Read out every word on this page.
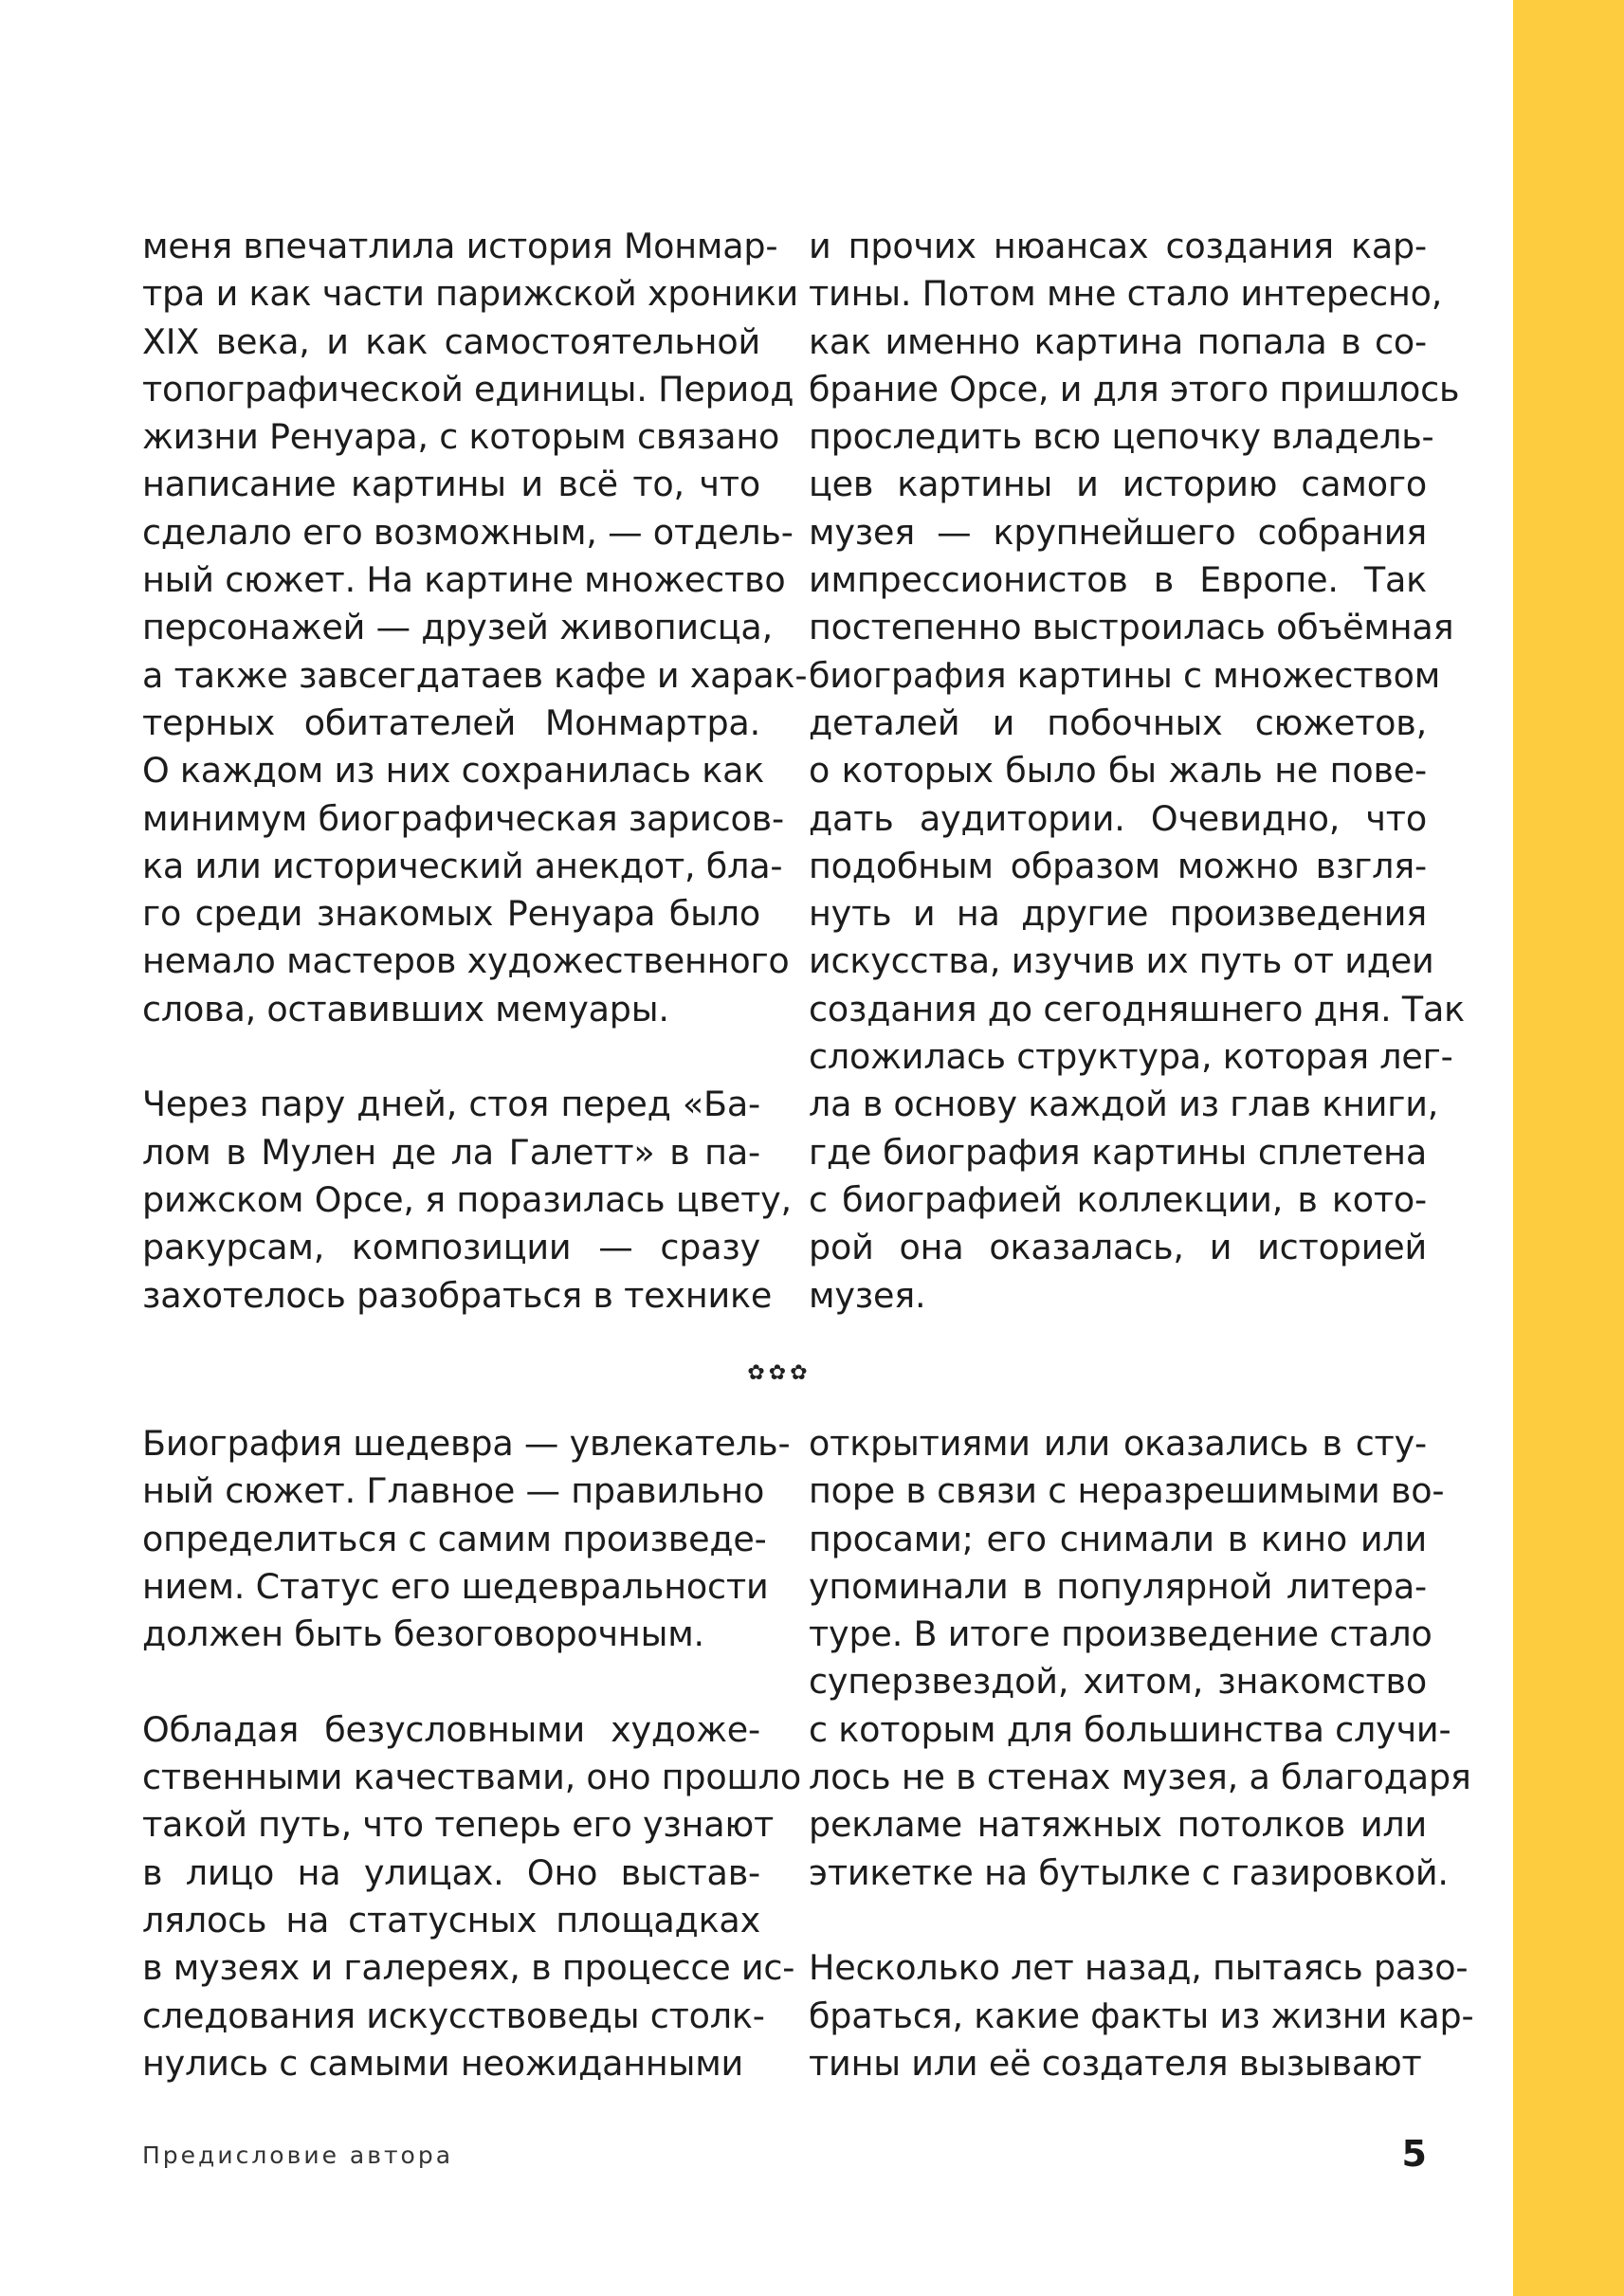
меня впечатлила история Монмар-
тра и как части парижской хроники
XIX века, и как самостоятельной
топографической единицы. Период
жизни Ренуара, с которым связано
написание картины и всё то, что
сделало его возможным, — отдель-
ный сюжет. На картине множество
персонажей — друзей живописца,
а также завсегдатаев кафе и харак-
терных обитателей Монмартра.
О каждом из них сохранилась как
минимум биографическая зарисов-
ка или исторический анекдот, бла-
го среди знакомых Ренуара было
немало мастеров художественного
слова, оставивших мемуары.
Через пару дней, стоя перед «Ба-
лом в Мулен де ла Галетт» в па-
рижском Орсе, я поразилась цвету,
ракурсам, композиции — сразу
захотелось разобраться в технике
и прочих нюансах создания кар-
тины. Потом мне стало интересно,
как именно картина попала в со-
брание Орсе, и для этого пришлось
проследить всю цепочку владель-
цев картины и историю самого
музея — крупнейшего собрания
импрессионистов в Европе. Так
постепенно выстроилась объёмная
биография картины с множеством
деталей и побочных сюжетов,
о которых было бы жаль не пове-
дать аудитории. Очевидно, что
подобным образом можно взгля-
нуть и на другие произведения
искусства, изучив их путь от идеи
создания до сегодняшнего дня. Так
сложилась структура, которая лег-
ла в основу каждой из глав книги,
где биография картины сплетена
с биографией коллекции, в кото-
рой она оказалась, и историей
музея.
✿✿✿
Биография шедевра — увлекатель-
ный сюжет. Главное — правильно
определиться с самим произведе-
нием. Статус его шедевральности
должен быть безоговорочным.
Обладая безусловными художе-
ственными качествами, оно прошло
такой путь, что теперь его узнают
в лицо на улицах. Оно выстав-
лялось на статусных площадках
в музеях и галереях, в процессе ис-
следования искусствоведы столк-
нулись с самыми неожиданными
открытиями или оказались в сту-
поре в связи с неразрешимыми во-
просами; его снимали в кино или
упоминали в популярной литера-
туре. В итоге произведение стало
суперзвездой, хитом, знакомство
с которым для большинства случи-
лось не в стенах музея, а благодаря
рекламе натяжных потолков или
этикетке на бутылке с газировкой.
Несколько лет назад, пытаясь разо-
браться, какие факты из жизни кар-
тины или её создателя вызывают
Предисловие автора	5
